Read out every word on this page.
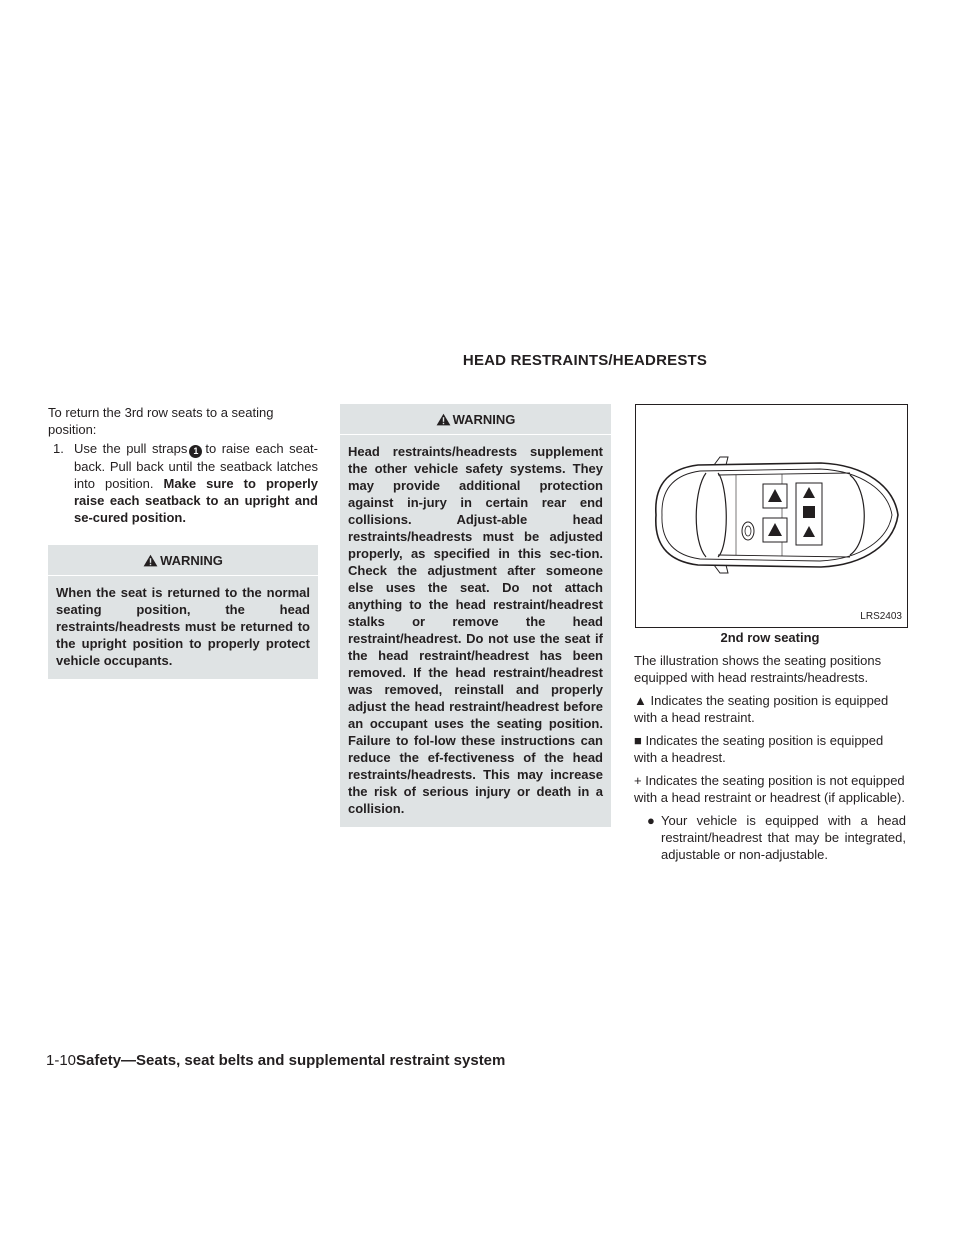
HEAD RESTRAINTS/HEADRESTS

To return the 3rd row seats to a seating position:

1. Use the pull straps 1 to raise each seat-back. Pull back until the seatback latches into position. Make sure to properly raise each seatback to an upright and se-cured position.
WARNING

When the seat is returned to the normal seating position, the head restraints/headrests must be returned to the upright position to properly protect vehicle occupants.

WARNING

Head restraints/headrests supplement the other vehicle safety systems. They may provide additional protection against in-jury in certain rear end collisions. Adjust-able head restraints/headrests must be adjusted properly, as specified in this sec-tion. Check the adjustment after someone else uses the seat. Do not attach anything to the head restraint/headrest stalks or remove the head restraint/headrest. Do not use the seat if the head restraint/headrest has been removed. If the head restraint/headrest was removed, reinstall and properly adjust the head restraint/headrest before an occupant uses the seating position. Failure to fol-low these instructions can reduce the ef-fectiveness of the head restraints/headrests. This may increase the risk of serious injury or death in a collision.

LRS2403
2nd row seating

The illustration shows the seating positions equipped with head restraints/headrests.

▲ Indicates the seating position is equipped with a head restraint.

■ Indicates the seating position is equipped with a headrest.

+ Indicates the seating position is not equipped with a head restraint or headrest (if applicable).

● Your vehicle is equipped with a head restraint/headrest that may be integrated, adjustable or non-adjustable.
1-10Safety—Seats, seat belts and supplemental restraint system
